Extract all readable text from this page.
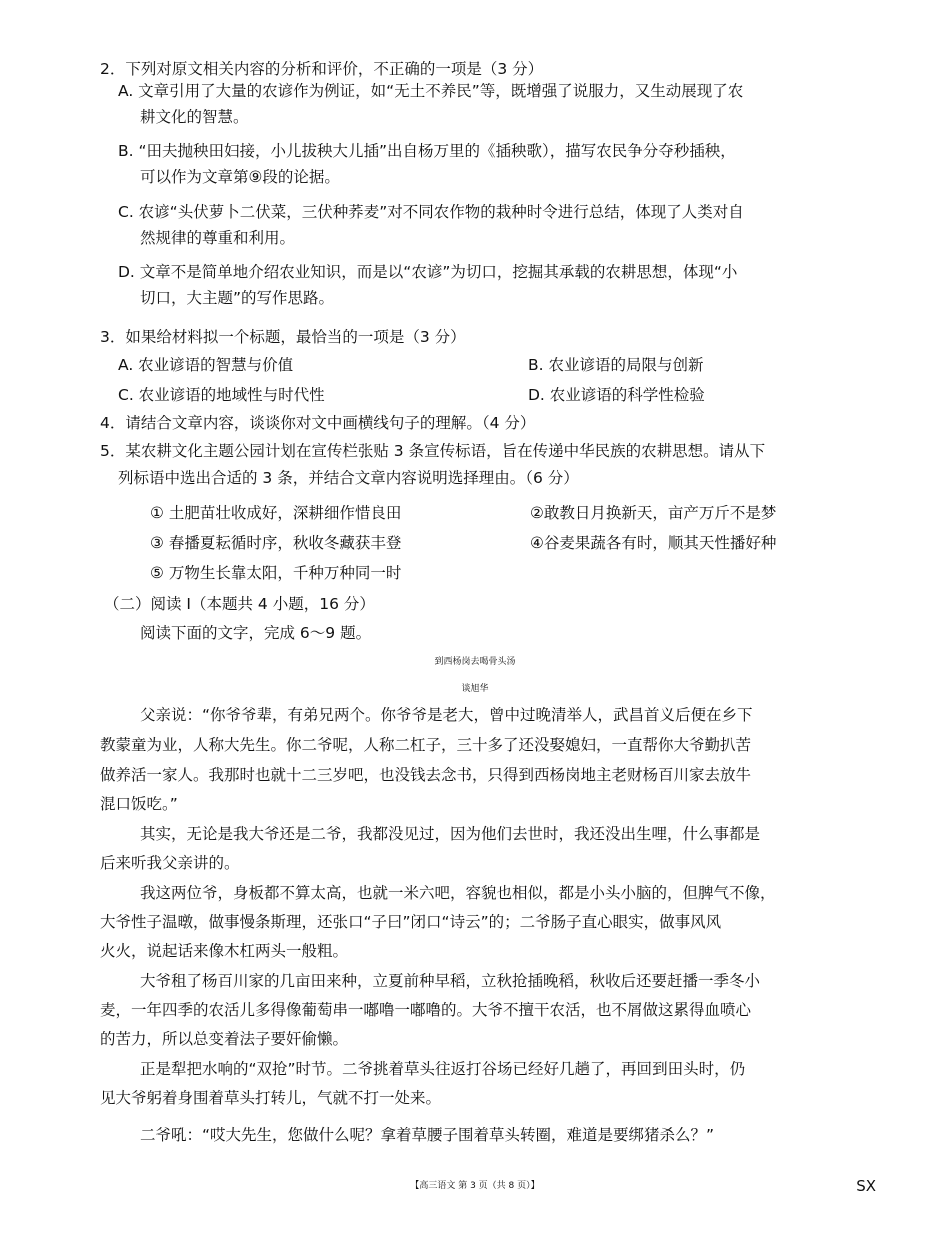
2．下列对原文相关内容的分析和评价，不正确的一项是（3 分）
A. 文章引用了大量的农谚作为例证，如“无土不养民”等，既增强了说服力，又生动展现了农
耕文化的智慧。
B. “田夫抛秧田妇接，小儿拔秧大儿插”出自杨万里的《插秧歌），描写农民争分夺秒插秧，
可以作为文章第⑨段的论据。
C. 农谚“头伏萝卜二伏菜，三伏种荞麦”对不同农作物的栽种时令进行总结，体现了人类对自
然规律的尊重和利用。
D. 文章不是简单地介绍农业知识，而是以“农谚”为切口，挖掘其承载的农耕思想，体现“小
切口，大主题”的写作思路。
3．如果给材料拟一个标题，最恰当的一项是（3 分）
A. 农业谚语的智慧与价值	B. 农业谚语的局限与创新
C. 农业谚语的地域性与时代性	D. 农业谚语的科学性检验
4．请结合文章内容，谈谈你对文中画横线句子的理解。（4 分）
5．某农耕文化主题公园计划在宣传栏张贴 3 条宣传标语，旨在传递中华民族的农耕思想。请从下
列标语中选出合适的 3 条，并结合文章内容说明选择理由。（6 分）
① 土肥苗壮收成好，深耕细作惜良田	②敢教日月换新天，亩产万斤不是梦
③ 春播夏耘循时序，秋收冬藏获丰登	④谷麦果蔬各有时，顺其天性播好种
⑤ 万物生长靠太阳，千种万种同一时
（二）阅读 I（本题共 4 小题，16 分）
阅读下面的文字，完成 6～9 题。
到西杨岗去喝骨头汤
谈旭华
父亲说：“你爷爷辈，有弟兄两个。你爷爷是老大，曾中过晚清举人，武昌首义后便在乡下
教蒙童为业，人称大先生。你二爷呢，人称二杠子，三十多了还没娶媳妇，一直帮你大爷勤扒苦
做养活一家人。我那时也就十二三岁吧，也没钱去念书，只得到西杨岗地主老财杨百川家去放牛
混口饭吃。”
其实，无论是我大爷还是二爷，我都没见过，因为他们去世时，我还没出生哩，什么事都是
后来听我父亲讲的。
我这两位爷，身板都不算太高，也就一米六吧，容貌也相似，都是小头小脑的，但脾气不像，
大爷性子温暾，做事慢条斯理，还张口“子曰”闭口“诗云”的；二爷肠子直心眼实，做事风风
火火，说起话来像木杠两头一般粗。
大爷租了杨百川家的几亩田来种，立夏前种早稻，立秋抢插晚稻，秋收后还要赶播一季冬小
麦，一年四季的农活儿多得像葡萄串一嘟噜一嘟噜的。大爷不擅干农活，也不屑做这累得血喷心
的苦力，所以总变着法子要奸偷懒。
正是犁把水响的“双抢”时节。二爷挑着草头往返打谷场已经好几趟了，再回到田头时，仍
见大爷躬着身围着草头打转儿，气就不打一处来。
二爷吼：“哎大先生，您做什么呢？拿着草腰子围着草头转圈，难道是要绑猪杀么？”
【高三语文 第 3 页（共 8 页）】	SX
